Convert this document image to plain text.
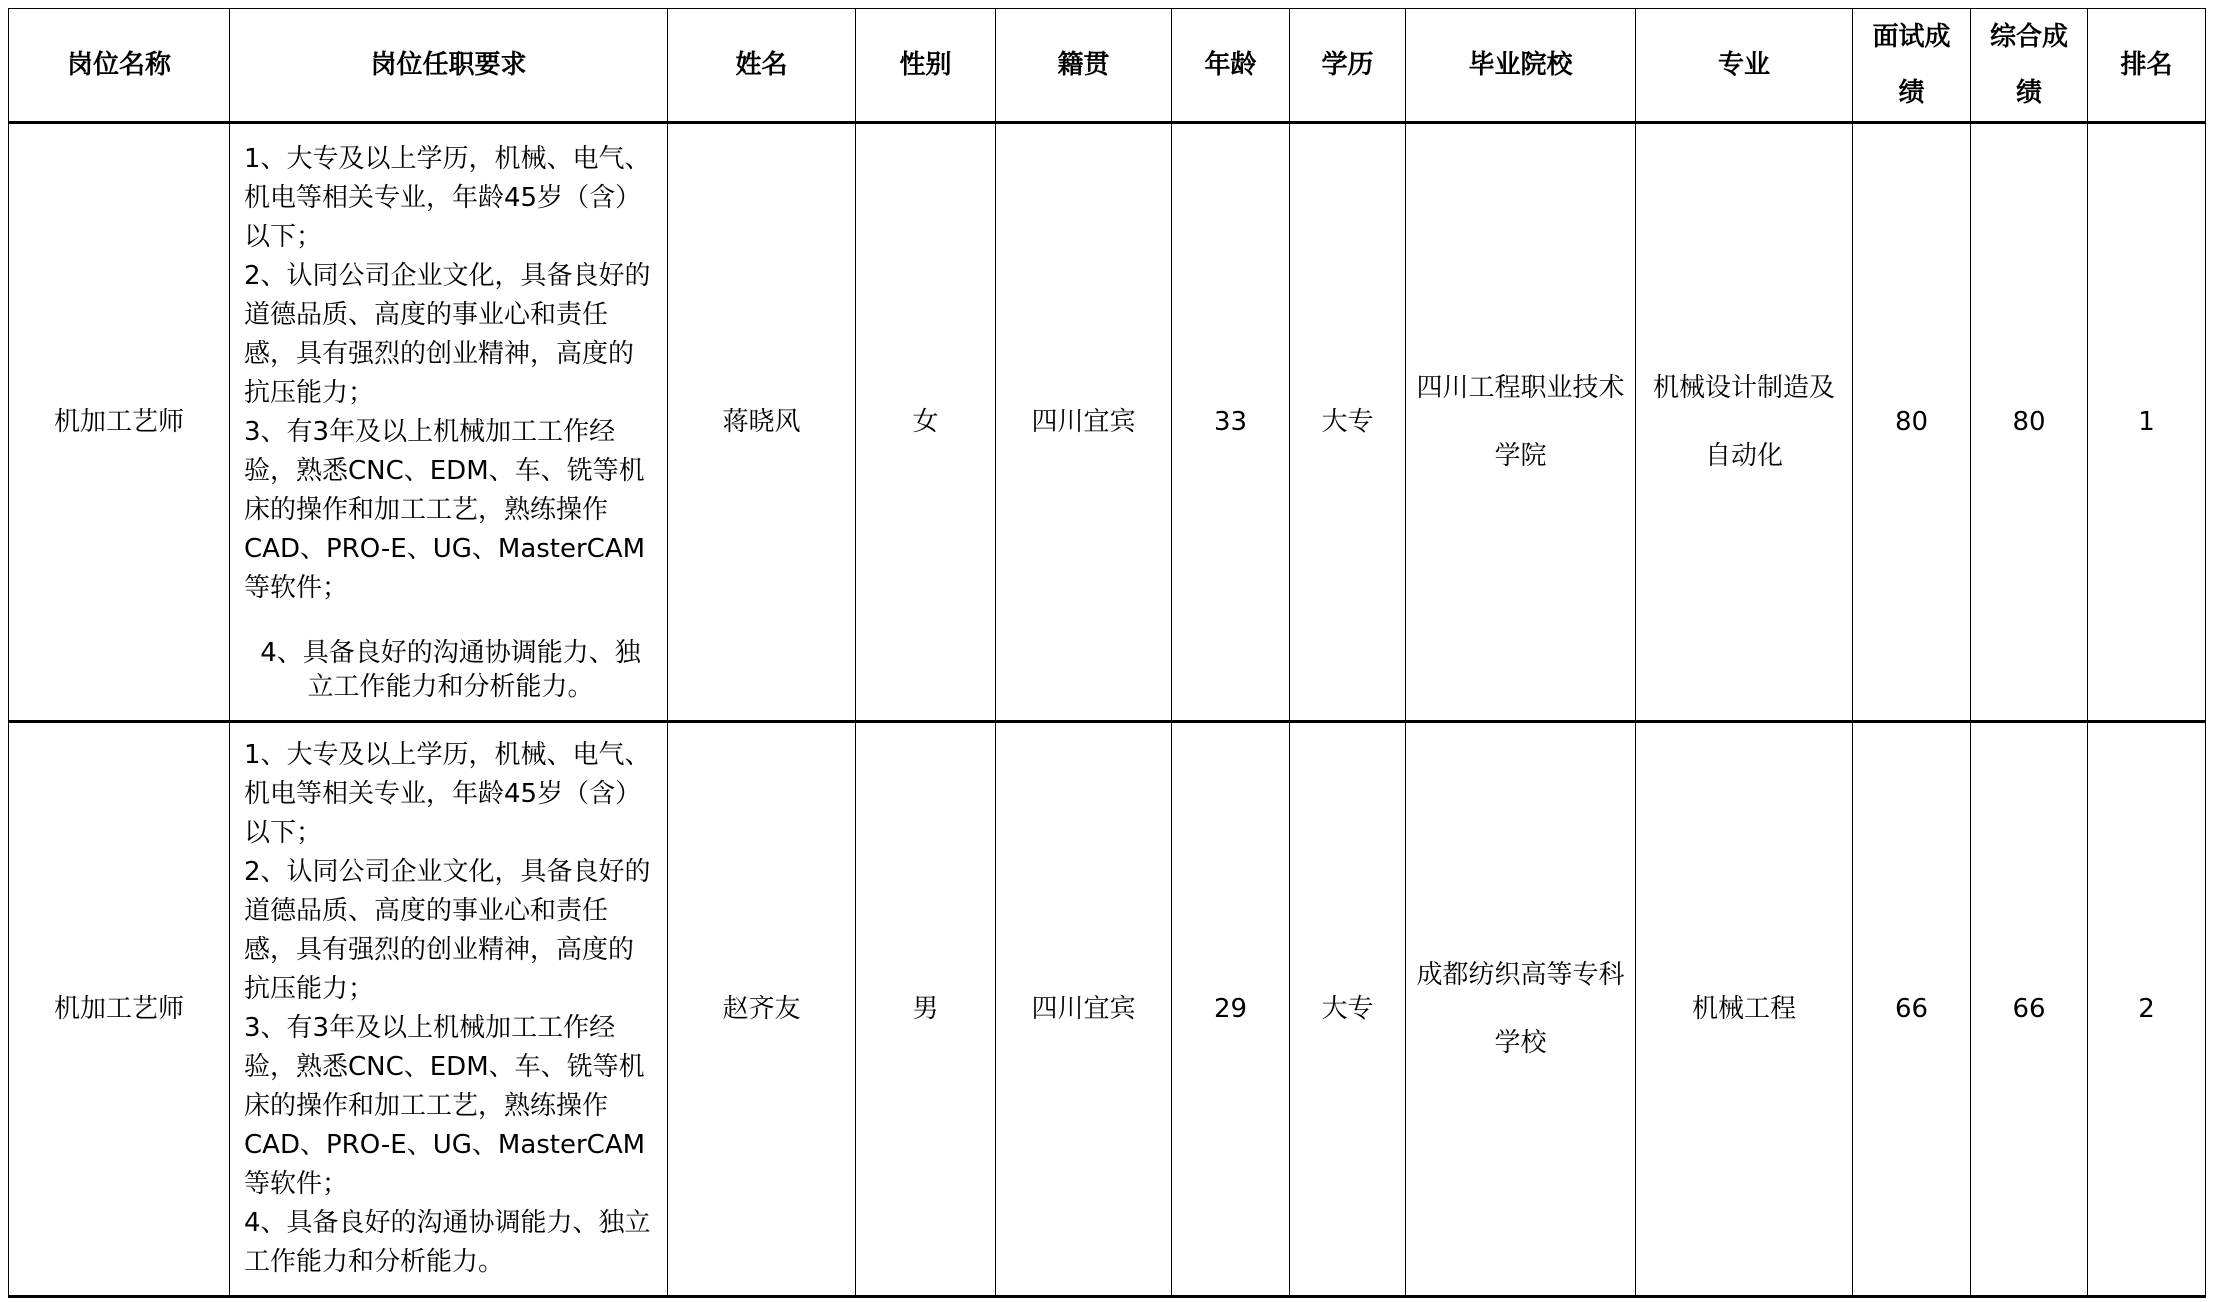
岗位名称	岗位任职要求	姓名	性别	籍贯	年龄	学历	毕业院校	专业	面试成绩	综合成绩	排名
机加工艺师	1、大专及以上学历，机械、电气、机电等相关专业，年龄45岁（含）以下；

2、认同公司企业文化，具备良好的道德品质、高度的事业心和责任感，具有强烈的创业精神，高度的抗压能力；

3、有3年及以上机械加工工作经验，熟悉CNC、EDM、车、铣等机床的操作和加工工艺，熟练操作CAD、PRO-E、UG、MasterCAM等软件；

4、具备良好的沟通协调能力、独立工作能力和分析能力。	蒋晓风	女	四川宜宾	33	大专	四川工程职业技术学院	机械设计制造及自动化	80	80	1
机加工艺师	1、大专及以上学历，机械、电气、机电等相关专业，年龄45岁（含）以下；

2、认同公司企业文化，具备良好的道德品质、高度的事业心和责任感，具有强烈的创业精神，高度的抗压能力；

3、有3年及以上机械加工工作经验，熟悉CNC、EDM、车、铣等机床的操作和加工工艺，熟练操作CAD、PRO-E、UG、MasterCAM等软件；

4、具备良好的沟通协调能力、独立工作能力和分析能力。	赵齐友	男	四川宜宾	29	大专	成都纺织高等专科学校	机械工程	66	66	2
